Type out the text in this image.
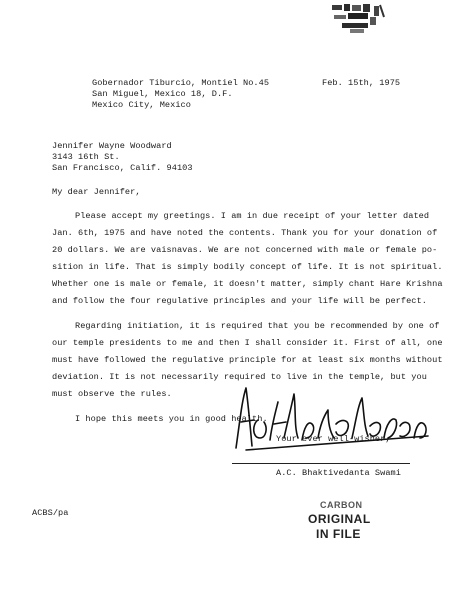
Gobernador Tiburcio, Montiel No.45
San Miguel, Mexico 18, D.F.
Mexico City, Mexico
Feb. 15th, 1975
Jennifer Wayne Woodward
3143 16th St.
San Francisco, Calif. 94103
My dear Jennifer,
Please accept my greetings. I am in due receipt of your letter dated
Jan. 6th, 1975 and have noted the contents. Thank you for your donation of
20 dollars. We are vaisnavas. We are not concerned with male or female po-
sition in life. That is simply bodily concept of life. It is not spiritual.
Whether one is male or female, it doesn't matter, simply chant Hare Krishna
and follow the four regulative principles and your life will be perfect.
Regarding initiation, it is required that you be recommended by one of
our temple presidents to me and then I shall consider it. First of all, one
must have followed the regulative principle for at least six months without
deviation. It is not necessarily required to live in the temple, but you
must observe the rules.
I hope this meets you in good health.
Your ever well-wisher,
A.C. Bhaktivedanta Swami
ACBS/pa
CARBON
ORIGINAL
IN FILE
